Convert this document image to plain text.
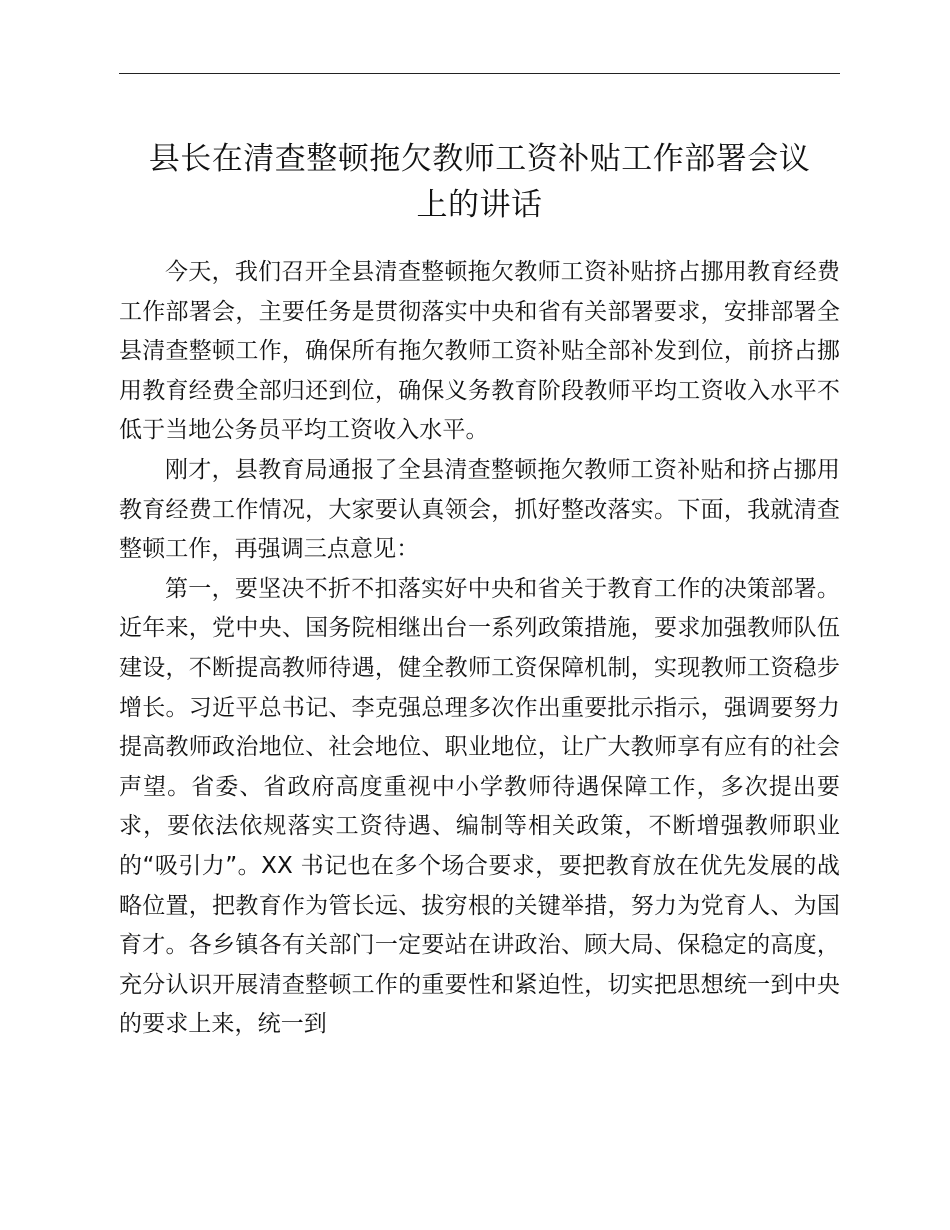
县长在清查整顿拖欠教师工资补贴工作部署会议
上的讲话

今天，我们召开全县清查整顿拖欠教师工资补贴挤占挪用教育经费工作部署会，主要任务是贯彻落实中央和省有关部署要求，安排部署全县清查整顿工作，确保所有拖欠教师工资补贴全部补发到位，前挤占挪用教育经费全部归还到位，确保义务教育阶段教师平均工资收入水平不低于当地公务员平均工资收入水平。

刚才，县教育局通报了全县清查整顿拖欠教师工资补贴和挤占挪用教育经费工作情况，大家要认真领会，抓好整改落实。下面，我就清查整顿工作，再强调三点意见：

第一，要坚决不折不扣落实好中央和省关于教育工作的决策部署。近年来，党中央、国务院相继出台一系列政策措施，要求加强教师队伍建设，不断提高教师待遇，健全教师工资保障机制，实现教师工资稳步增长。习近平总书记、李克强总理多次作出重要批示指示，强调要努力提高教师政治地位、社会地位、职业地位，让广大教师享有应有的社会声望。省委、省政府高度重视中小学教师待遇保障工作，多次提出要求，要依法依规落实工资待遇、编制等相关政策，不断增强教师职业的“吸引力”。XX 书记也在多个场合要求，要把教育放在优先发展的战略位置，把教育作为管长远、拔穷根的关键举措，努力为党育人、为国育才。各乡镇各有关部门一定要站在讲政治、顾大局、保稳定的高度，充分认识开展清查整顿工作的重要性和紧迫性，切实把思想统一到中央的要求上来，统一到
